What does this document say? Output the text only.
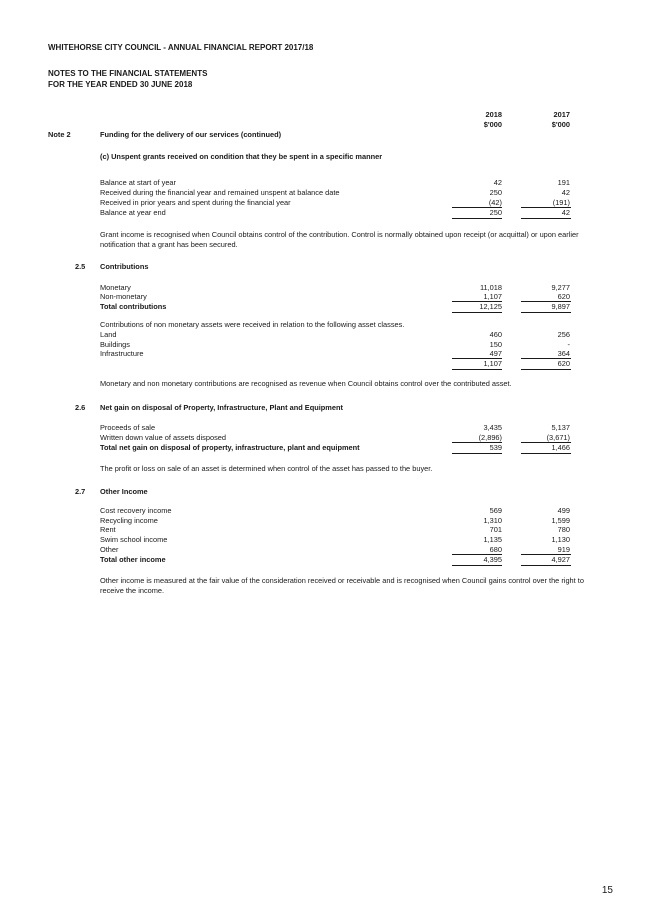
WHITEHORSE CITY COUNCIL - ANNUAL FINANCIAL REPORT 2017/18
NOTES TO THE FINANCIAL STATEMENTS
FOR THE YEAR ENDED 30 JUNE 2018
2018	2017
$'000	$'000
Note 2	Funding for the delivery of our services (continued)
(c) Unspent grants received on condition that they be spent in a specific manner
Balance at start of year	42	191
Received during the financial year and remained unspent at balance date	250	42
Received in prior years and spent during the financial year	(42)	(191)
Balance at year end	250	42
Grant income is recognised when Council obtains control of the contribution. Control is normally obtained upon receipt (or acquittal) or upon earlier notification that a grant has been secured.
2.5 Contributions
Monetary	11,018	9,277
Non-monetary	1,107	620
Total contributions	12,125	9,897
Contributions of non monetary assets were received in relation to the following asset classes.
Land	460	256
Buildings	150	-
Infrastructure	497	364
1,107	620
Monetary and non monetary contributions are recognised as revenue when Council obtains control over the contributed asset.
2.6 Net gain on disposal of Property, Infrastructure, Plant and Equipment
Proceeds of sale	3,435	5,137
Written down value of assets disposed	(2,896)	(3,671)
Total net gain on disposal of property, infrastructure, plant and equipment	539	1,466
The profit or loss on sale of an asset is determined when control of the asset has passed to the buyer.
2.7 Other Income
Cost recovery income	569	499
Recycling income	1,310	1,599
Rent	701	780
Swim school income	1,135	1,130
Other	680	919
Total other income	4,395	4,927
Other income is measured at the fair value of the consideration received or receivable and is recognised when Council gains control over the right to receive the income.
15
